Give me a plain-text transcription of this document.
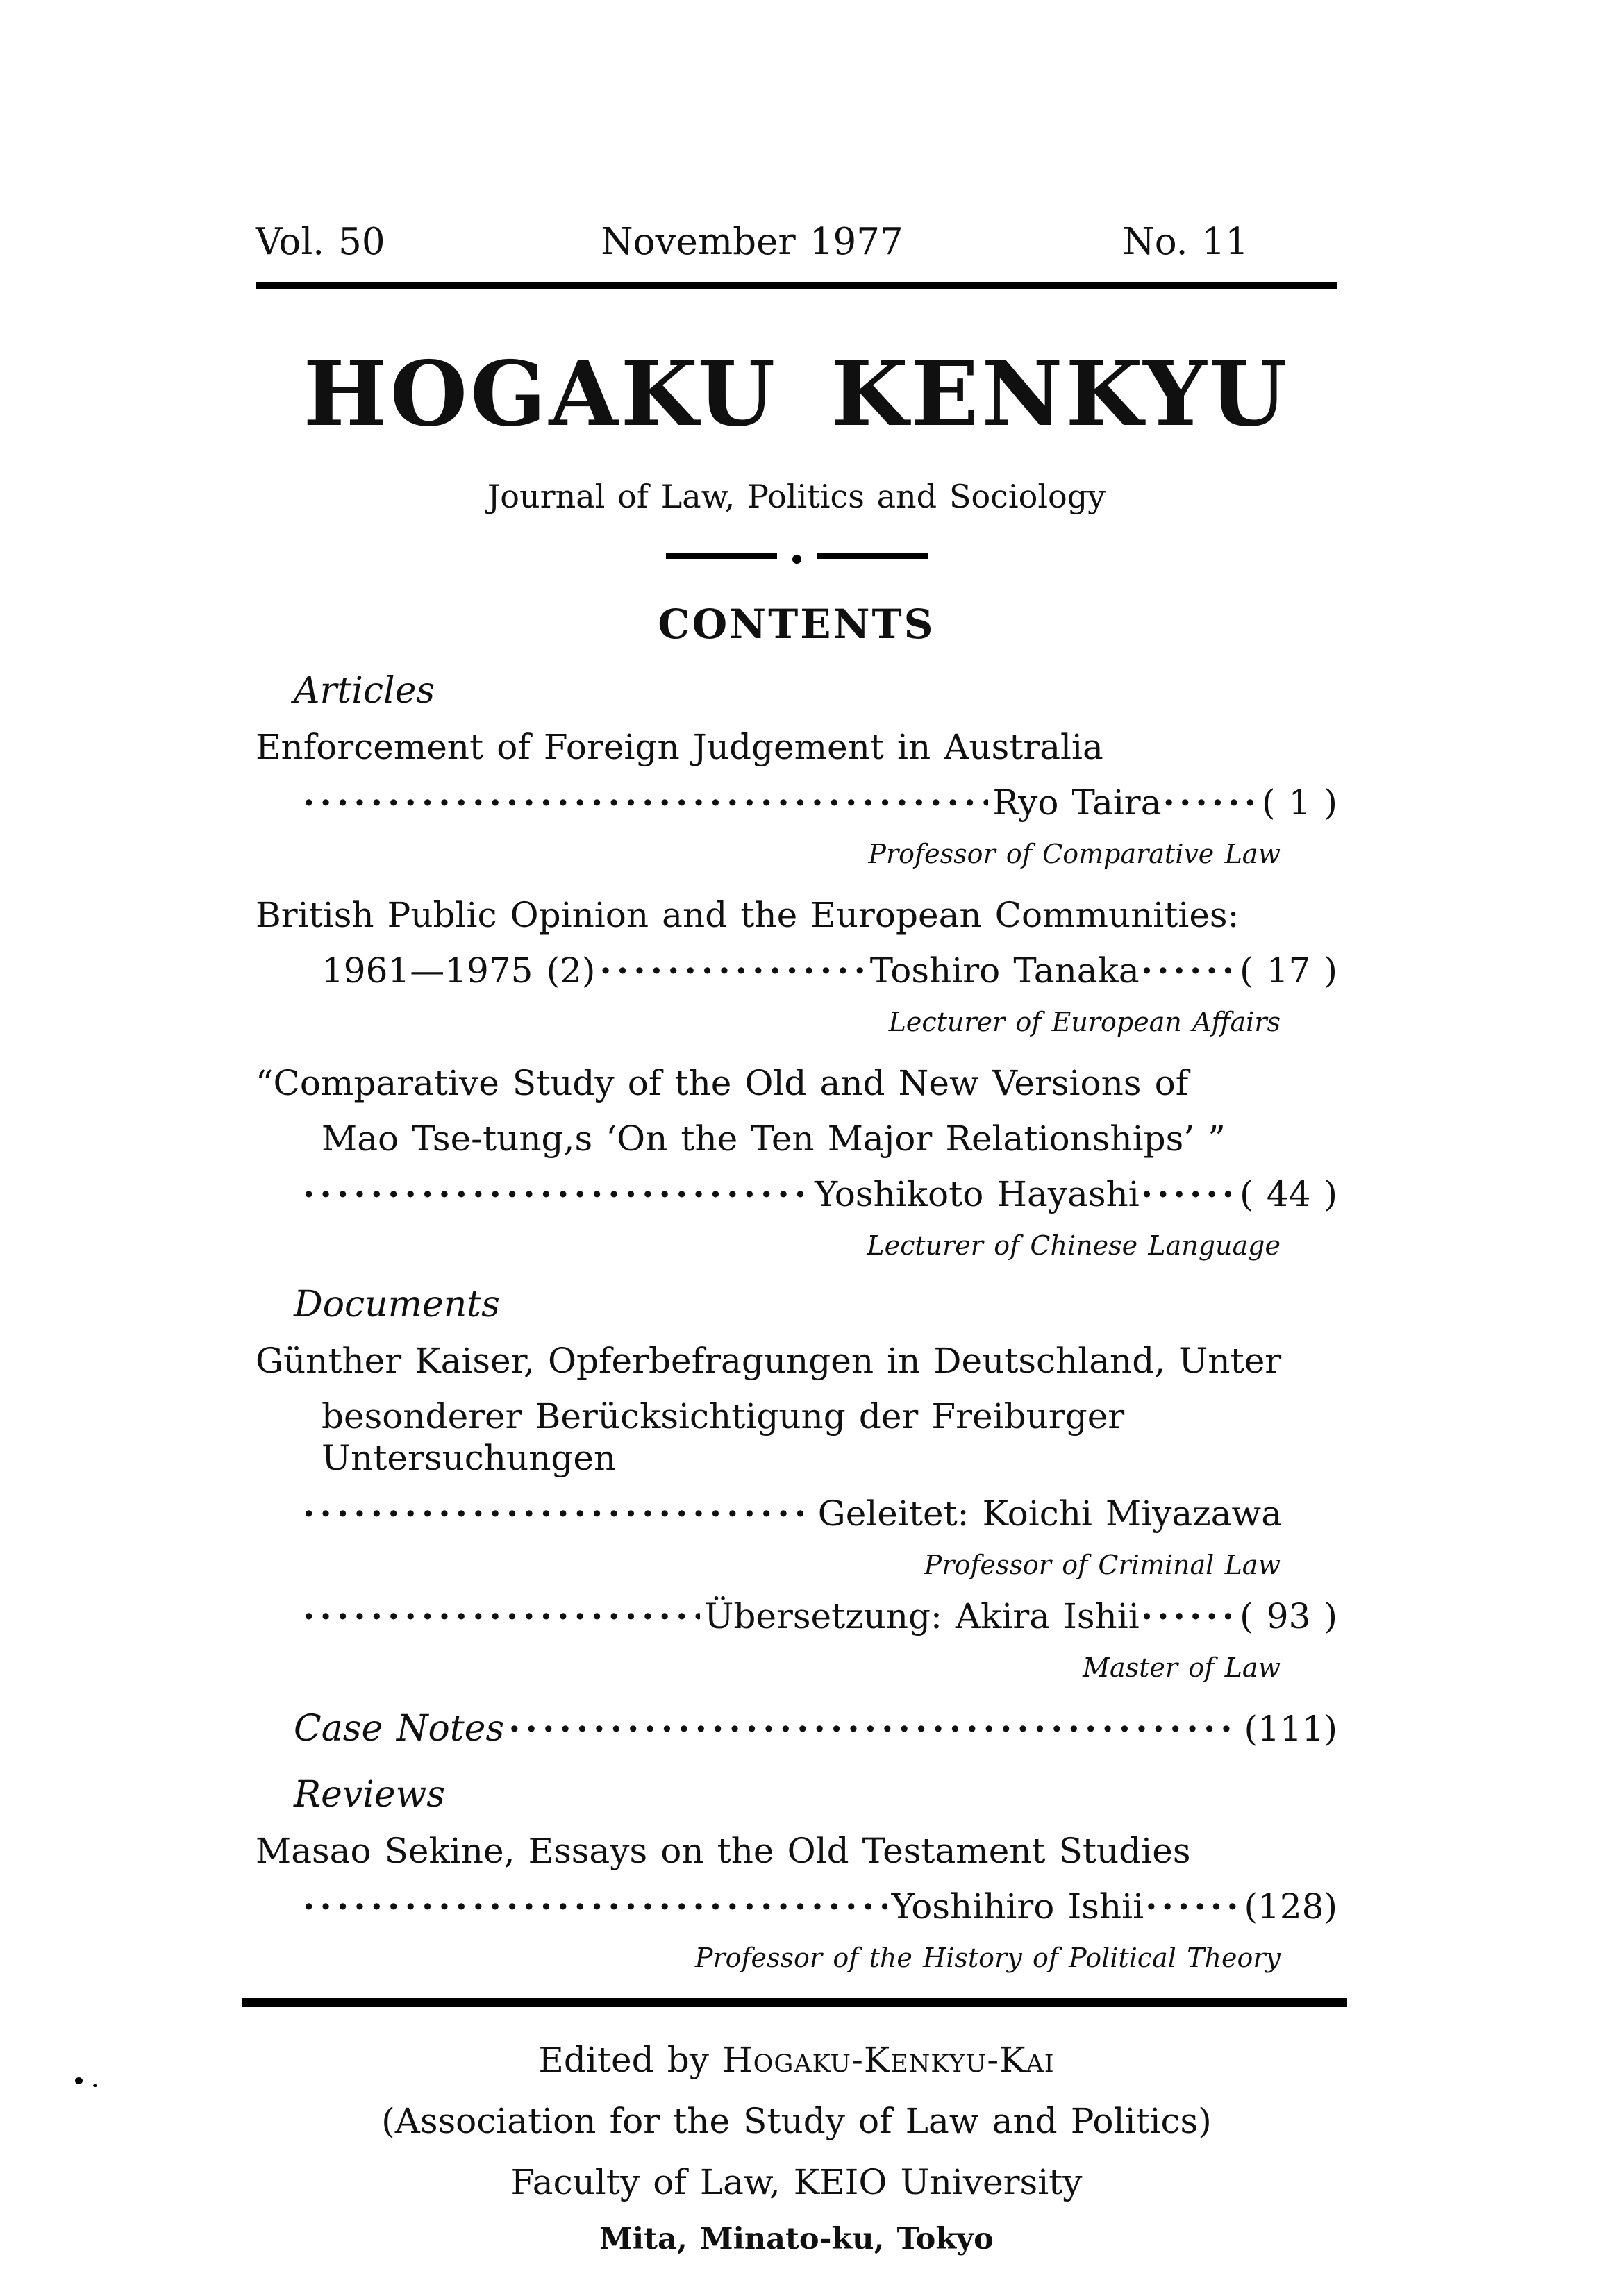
Vol. 50	November 1977	No. 11
HOGAKU KENKYU
Journal of Law, Politics and Sociology
CONTENTS
Articles
Enforcement of Foreign Judgement in Australia
·····
Ryo Taira ······ ( 1 )
Professor of Comparative Law
British Public Opinion and the European Communities:
1961—1975 (2) ·····	Toshiro Tanaka ······ ( 17 )
Lecturer of European Affairs
“Comparative Study of the Old and New Versions of
Mao Tse-tung,s ‘On the Ten Major Relationships’ ”
·····
Yoshikoto Hayashi ······ ( 44 )
Lecturer of Chinese Language
Documents
Günther Kaiser, Opferbefragungen in Deutschland, Unter
besonderer Berücksichtigung der Freiburger Untersuchungen
·····
Geleitet: Koichi Miyazawa
Professor of Criminal Law
·····
Übersetzung: Akira Ishii ······ ( 93 )
Master of Law
Case Notes ·····	(111)
Reviews
Masao Sekine, Essays on the Old Testament Studies
·····
Yoshihiro Ishii ······ (128)
Professor of the History of Political Theory
Edited by Hogaku-Kenkyu-Kai
(Association for the Study of Law and Politics)
Faculty of Law, KEIO University
Mita, Minato-ku, Tokyo
